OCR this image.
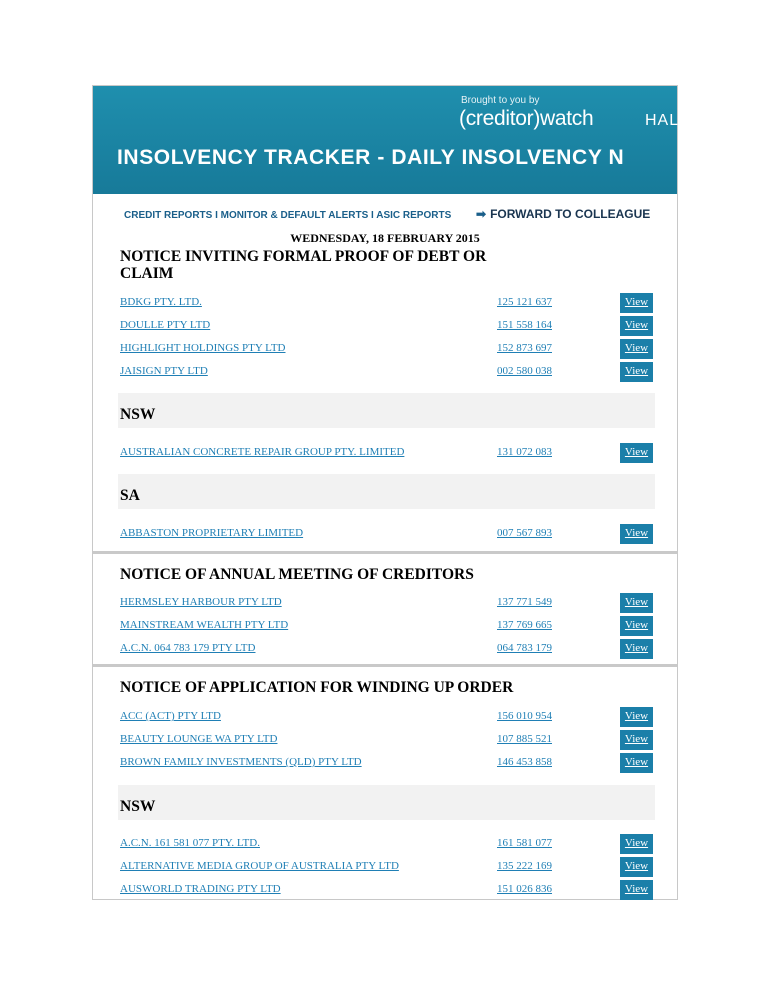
Brought to you by
(creditor)watch	HALLCH
INSOLVENCY TRACKER - DAILY INSOLVENCY N
CREDIT REPORTS I MONITOR & DEFAULT ALERTS I ASIC REPORTS ➡ FORWARD TO COLLEAGUE
WEDNESDAY, 18 FEBRUARY 2015
NOTICE INVITING FORMAL PROOF OF DEBT OR CLAIM
BDKG PTY. LTD.	125 121 637	View
DOULLE PTY LTD	151 558 164	View
HIGHLIGHT HOLDINGS PTY LTD	152 873 697	View
JAISIGN PTY LTD	002 580 038	View
NSW
AUSTRALIAN CONCRETE REPAIR GROUP PTY. LIMITED	131 072 083	View
SA
ABBASTON PROPRIETARY LIMITED	007 567 893	View
NOTICE OF ANNUAL MEETING OF CREDITORS
HERMSLEY HARBOUR PTY LTD	137 771 549	View
MAINSTREAM WEALTH PTY LTD	137 769 665	View
A.C.N. 064 783 179 PTY LTD	064 783 179	View
NOTICE OF APPLICATION FOR WINDING UP ORDER
ACC (ACT) PTY LTD	156 010 954	View
BEAUTY LOUNGE WA PTY LTD	107 885 521	View
BROWN FAMILY INVESTMENTS (QLD) PTY LTD	146 453 858	View
NSW
A.C.N. 161 581 077 PTY. LTD.	161 581 077	View
ALTERNATIVE MEDIA GROUP OF AUSTRALIA PTY LTD	135 222 169	View
AUSWORLD TRADING PTY LTD	151 026 836	View
